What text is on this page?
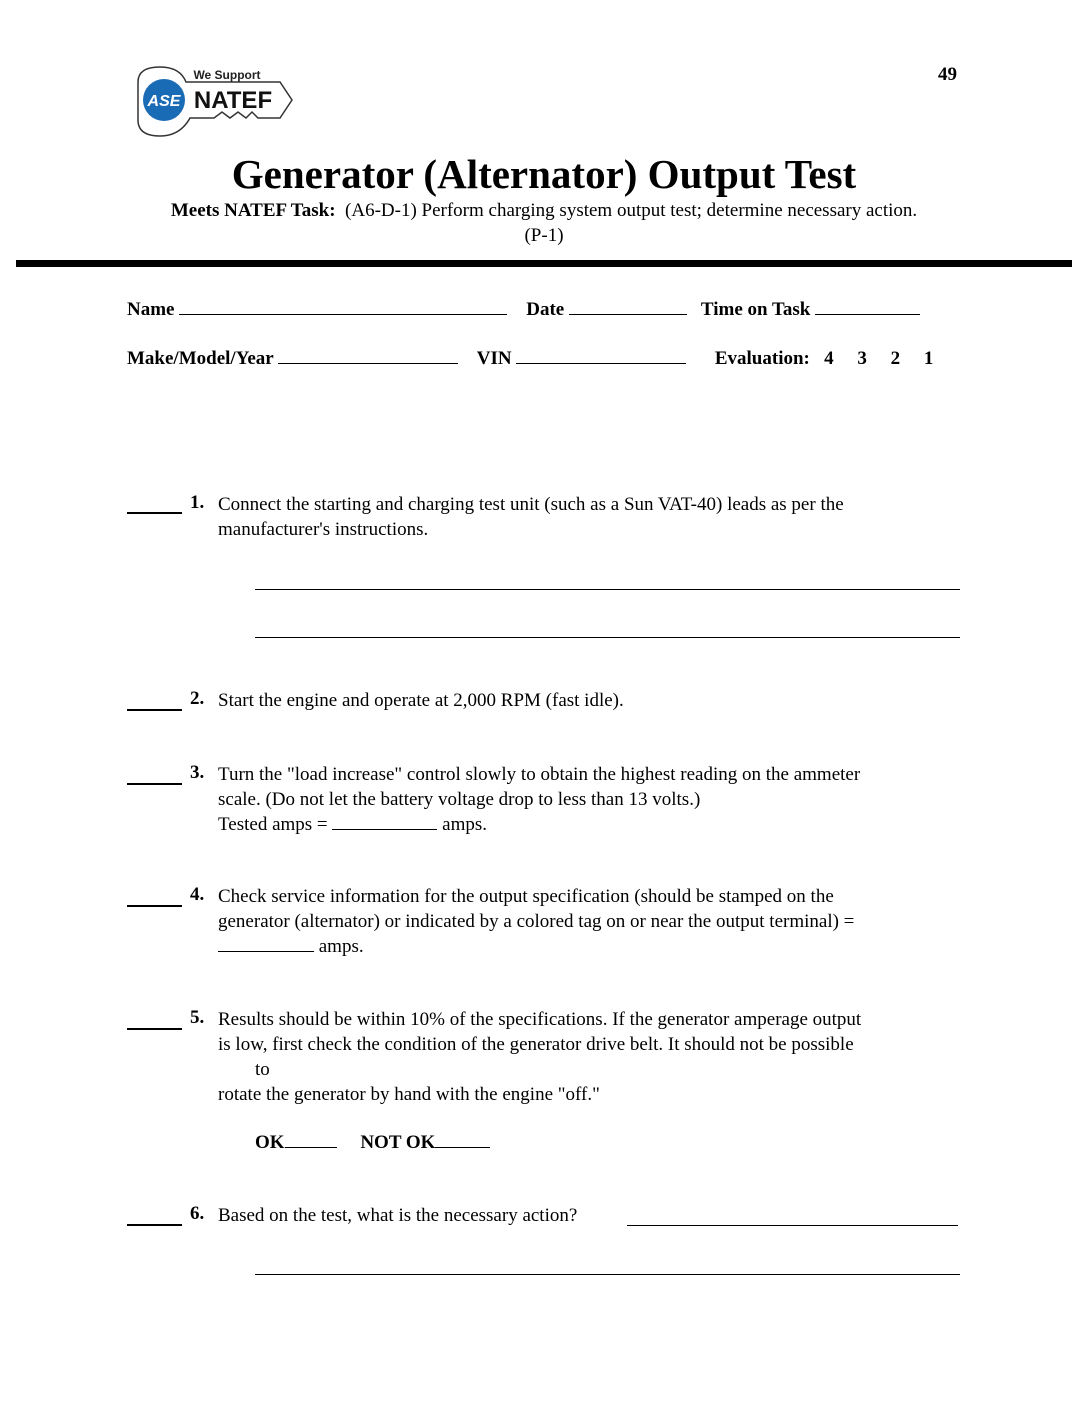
49
ASE
We Support
NATEF
Generator (Alternator) Output Test
Meets NATEF Task: (A6-D-1) Perform charging system output test; determine necessary action.
(P-1)
Name	Date	Time on Task
Make/Model/Year	VIN	Evaluation: 4 3 2 1
1. Connect the starting and charging test unit (such as a Sun VAT-40) leads as per the
manufacturer's instructions.
2. Start the engine and operate at 2,000 RPM (fast idle).
3. Turn the "load increase" control slowly to obtain the highest reading on the ammeter
scale. (Do not let the battery voltage drop to less than 13 volts.)
Tested amps =	amps.
4. Check service information for the output specification (should be stamped on the
generator (alternator) or indicated by a colored tag on or near the output terminal) =
amps.
5. Results should be within 10% of the specifications. If the generator amperage output
is low, first check the condition of the generator drive belt. It should not be possible
to
rotate the generator by hand with the engine "off."
OK	NOT OK
6. Based on the test, what is the necessary action?
